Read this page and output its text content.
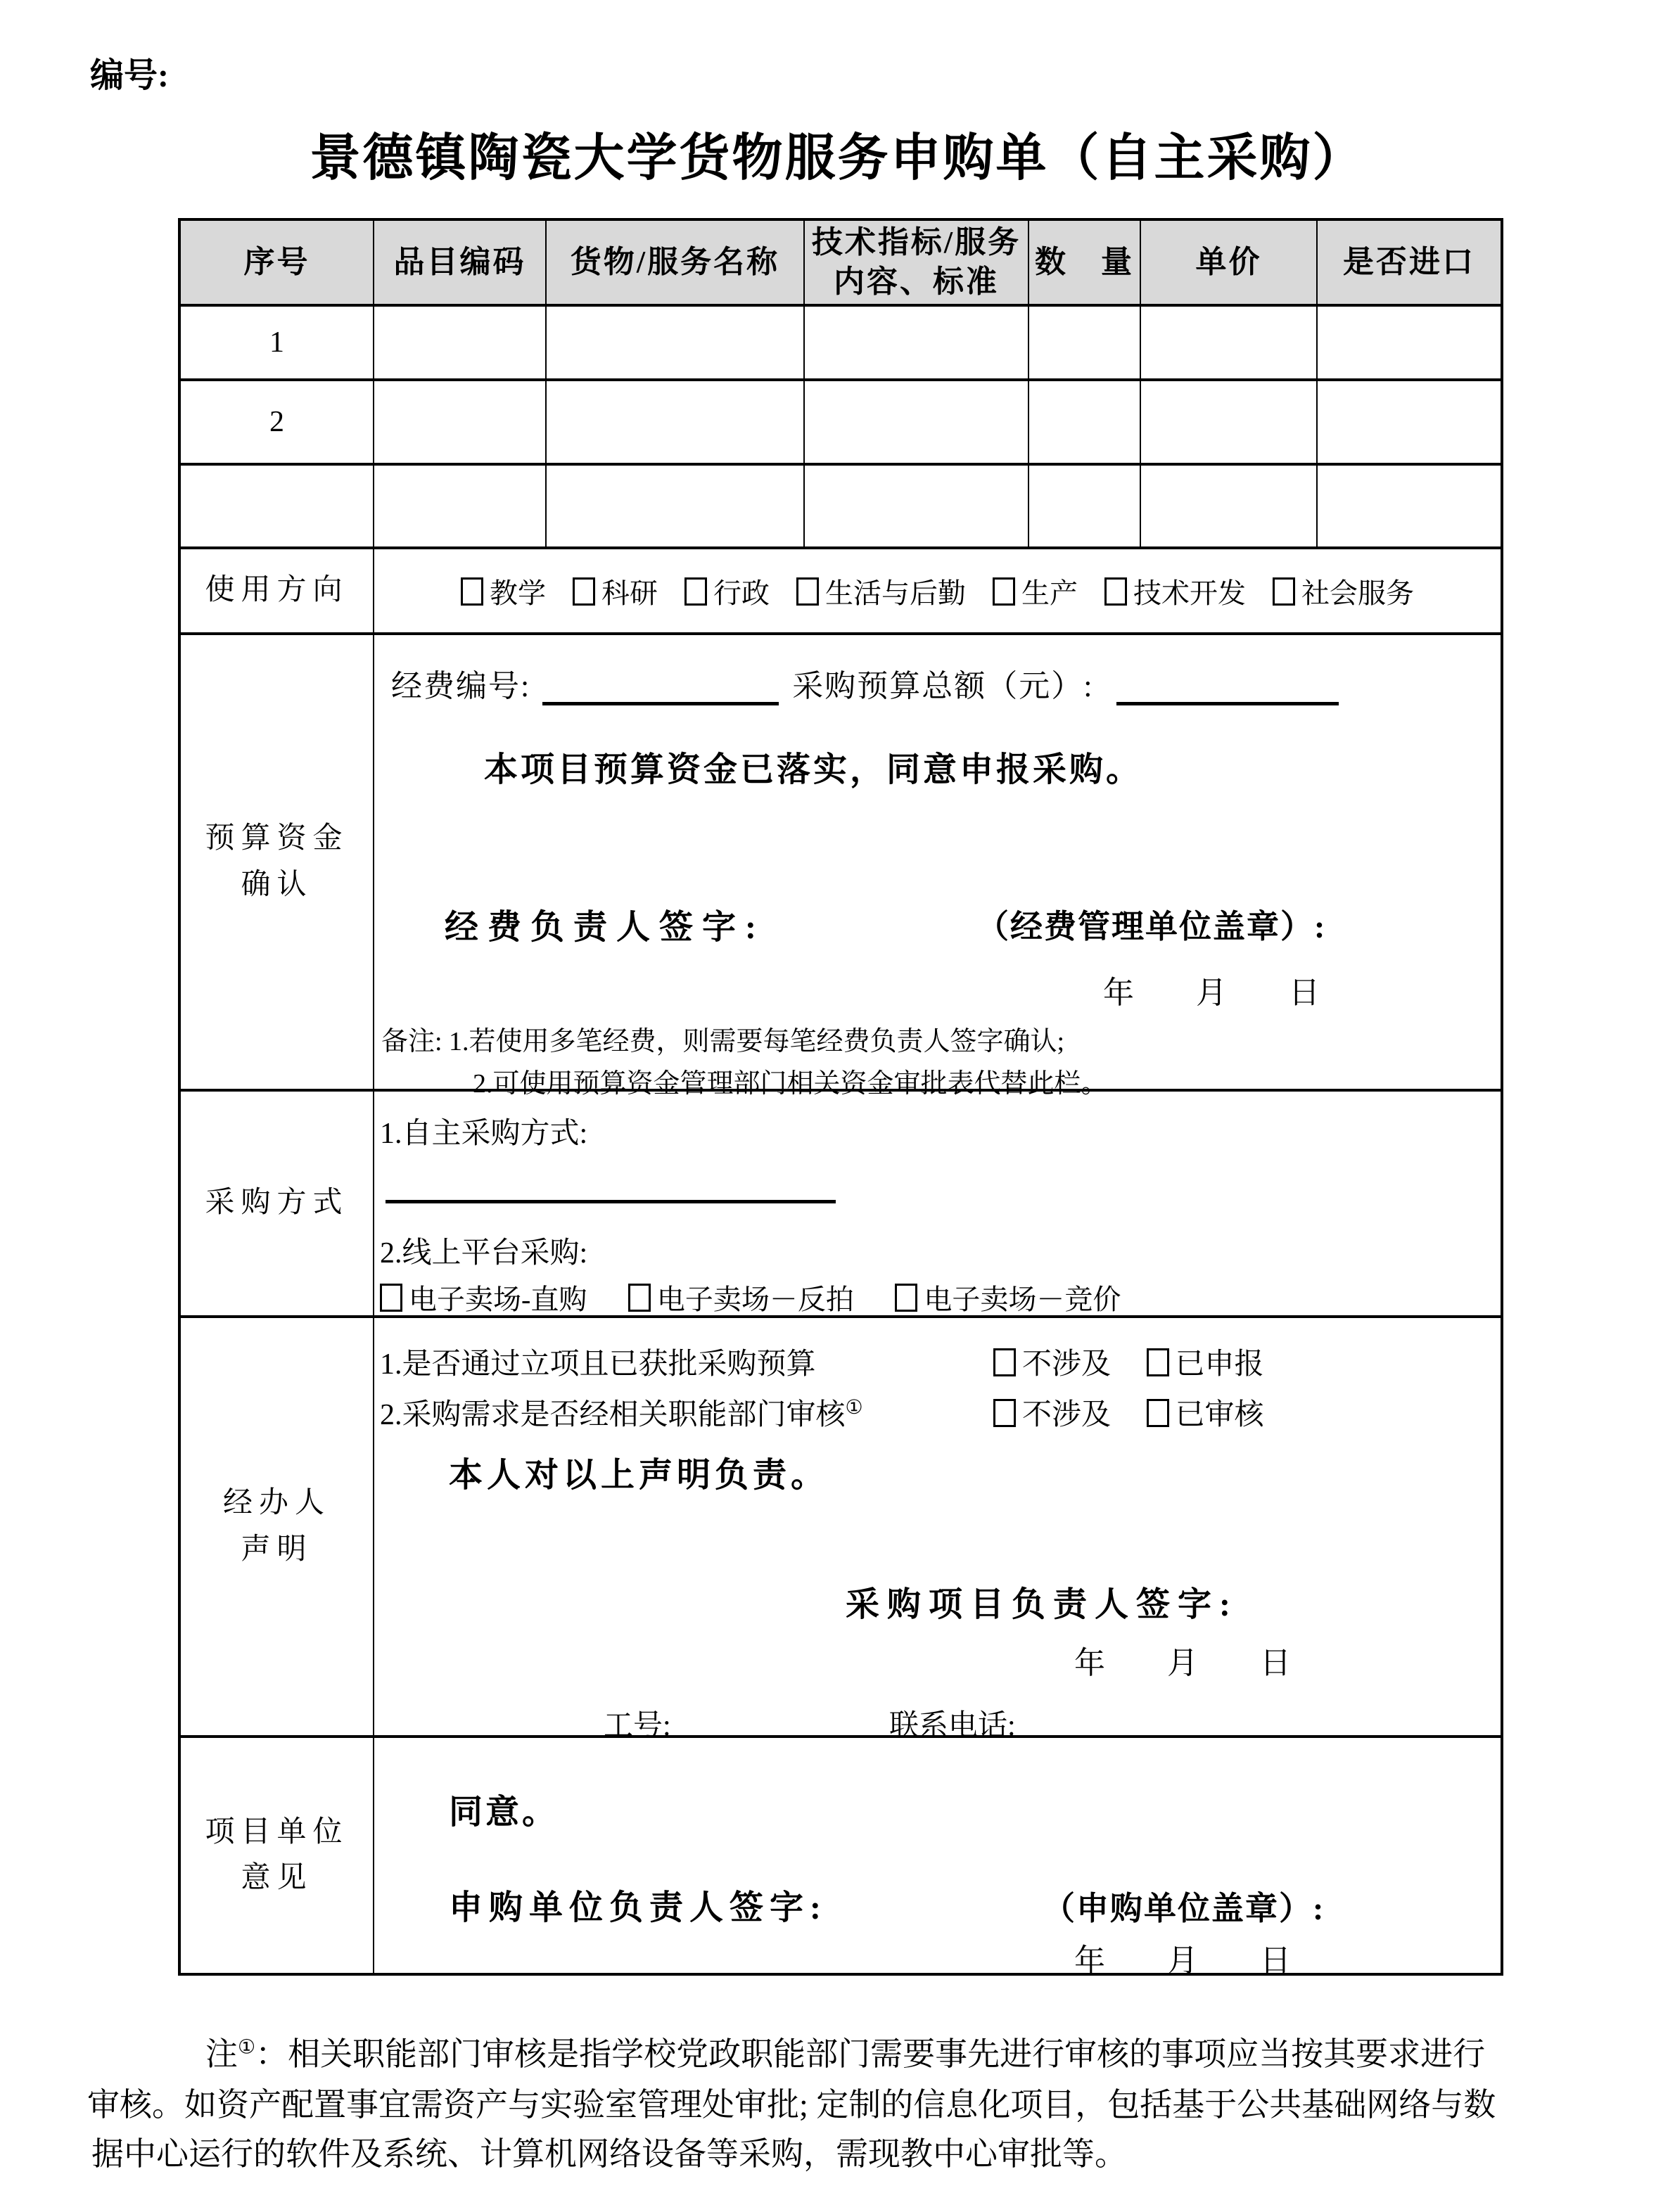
编号:
景德镇陶瓷大学货物服务申购单（自主采购）
序号	品目编码	货物/服务名称	技术指标/服务内容、标准	数　量	单价	是否进口
1						
2						

使用方向	教学 科研 行政 生活与后勤 生产 技术开发 社会服务					

预算资金
确认

经费编号:	采购预算总额（元）:
本项目预算资金已落实，同意申报采购。
经费负责人签字:	（经费管理单位盖章）:
年　　月　　日
备注: 1.若使用多笔经费，则需要每笔经费负责人签字确认;
2.可使用预算资金管理部门相关资金审批表代替此栏。

采购方式	1.自主采购方式:
2.线上平台采购:
电子卖场-直购 电子卖场－反拍 电子卖场－竞价					

经办人
声明

1.是否通过立项且已获批采购预算	不涉及 已申报
2.采购需求是否经相关职能部门审核①	不涉及 已审核
本人对以上声明负责。
采购项目负责人签字:
年　　月　　日
工号:	联系电话:

项目单位
意见

同意。
申购单位负责人签字:	（申购单位盖章）:
年　　月　　日
注①：相关职能部门审核是指学校党政职能部门需要事先进行审核的事项应当按其要求进行
审核。如资产配置事宜需资产与实验室管理处审批; 定制的信息化项目，包括基于公共基础网络与数
据中心运行的软件及系统、计算机网络设备等采购，需现教中心审批等。
